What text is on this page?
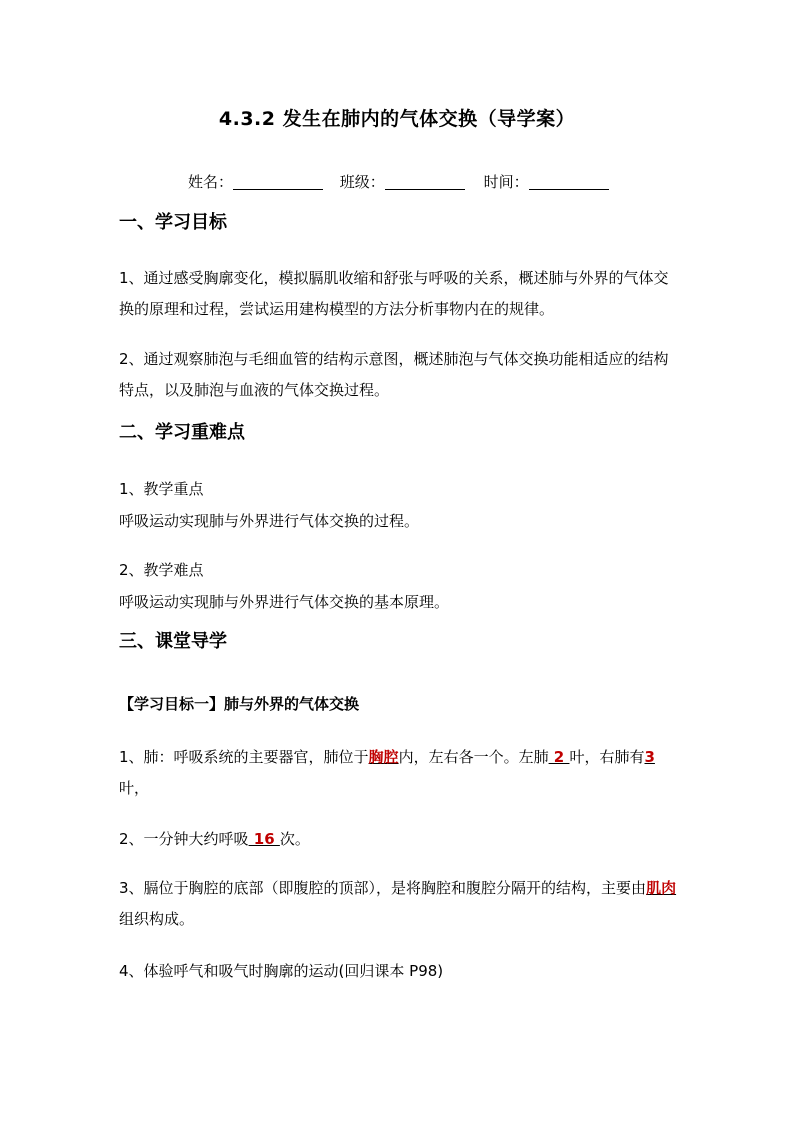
4.3.2 发生在肺内的气体交换（导学案）
姓名：	班级：	时间：
一、学习目标
1、通过感受胸廓变化，模拟膈肌收缩和舒张与呼吸的关系，概述肺与外界的气体交换的原理和过程，尝试运用建构模型的方法分析事物内在的规律。
2、通过观察肺泡与毛细血管的结构示意图，概述肺泡与气体交换功能相适应的结构特点，以及肺泡与血液的气体交换过程。
二、学习重难点
1、教学重点
呼吸运动实现肺与外界进行气体交换的过程。
2、教学难点
呼吸运动实现肺与外界进行气体交换的基本原理。
三、课堂导学
【学习目标一】肺与外界的气体交换
1、肺：呼吸系统的主要器官，肺位于胸腔内，左右各一个。左肺 2 叶，右肺有3叶，
2、一分钟大约呼吸 16 次。
3、膈位于胸腔的底部（即腹腔的顶部），是将胸腔和腹腔分隔开的结构，主要由肌肉组织构成。
4、体验呼气和吸气时胸廓的运动(回归课本 P98)
